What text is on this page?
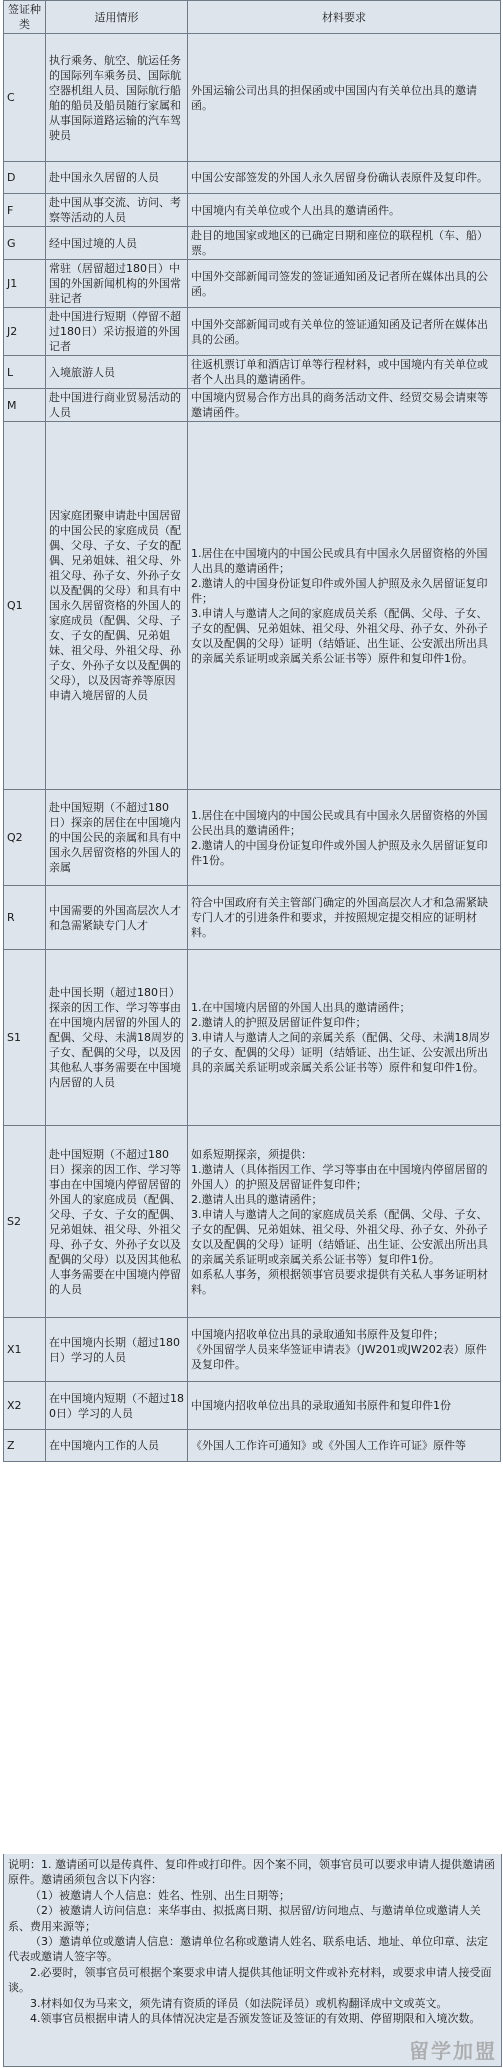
签证种类	适用情形	材料要求
C	执行乘务、航空、航运任务的国际列车乘务员、国际航空器机组人员、国际航行船舶的船员及船员随行家属和从事国际道路运输的汽车驾驶员	外国运输公司出具的担保函或中国国内有关单位出具的邀请函。

D	赴中国永久居留的人员	中国公安部签发的外国人永久居留身份确认表原件及复印件。

F	赴中国从事交流、访问、考察等活动的人员	中国境内有关单位或个人出具的邀请函件。

G	经中国过境的人员	赴目的地国家或地区的已确定日期和座位的联程机（车、船）票。

J1	常驻（居留超过180日）中国的外国新闻机构的外国常驻记者	中国外交部新闻司签发的签证通知函及记者所在媒体出具的公函。

J2	赴中国进行短期（停留不超过180日）采访报道的外国记者	中国外交部新闻司或有关单位的签证通知函及记者所在媒体出具的公函。

L	入境旅游人员	往返机票订单和酒店订单等行程材料，或中国境内有关单位或者个人出具的邀请函件。

M	赴中国进行商业贸易活动的人员	中国境内贸易合作方出具的商务活动文件、经贸交易会请柬等邀请函件。

Q1	因家庭团聚申请赴中国居留的中国公民的家庭成员（配偶、父母、子女、子女的配偶、兄弟姐妹、祖父母、外祖父母、孙子女、外孙子女以及配偶的父母）和具有中国永久居留资格的外国人的家庭成员（配偶、父母、子女、子女的配偶、兄弟姐妹、祖父母、外祖父母、孙子女、外孙子女以及配偶的父母），以及因寄养等原因申请入境居留的人员	1.居住在中国境内的中国公民或具有中国永久居留资格的外国人出具的邀请函件；
2.邀请人的中国身份证复印件或外国人护照及永久居留证复印件；
3.申请人与邀请人之间的家庭成员关系（配偶、父母、子女、子女的配偶、兄弟姐妹、祖父母、外祖父母、孙子女、外孙子女以及配偶的父母）证明（结婚证、出生证、公安派出所出具的亲属关系证明或亲属关系公证书等）原件和复印件1份。

Q2	赴中国短期（不超过180日）探亲的居住在中国境内的中国公民的亲属和具有中国永久居留资格的外国人的亲属	1.居住在中国境内的中国公民或具有中国永久居留资格的外国公民出具的邀请函件；
2.邀请人的中国身份证复印件或外国人护照及永久居留证复印件1份。

R	中国需要的外国高层次人才和急需紧缺专门人才	符合中国政府有关主管部门确定的外国高层次人才和急需紧缺专门人才的引进条件和要求，并按照规定提交相应的证明材料。

S1	赴中国长期（超过180日）探亲的因工作、学习等事由在中国境内居留的外国人的配偶、父母、未满18周岁的子女、配偶的父母，以及因其他私人事务需要在中国境内居留的人员	1.在中国境内居留的外国人出具的邀请函件；
2.邀请人的护照及居留证件复印件；
3.申请人与邀请人之间的亲属关系（配偶、父母、未满18周岁的子女、配偶的父母）证明（结婚证、出生证、公安派出所出具的亲属关系证明或亲属关系公证书等）原件和复印件1份。

S2	赴中国短期（不超过180日）探亲的因工作、学习等事由在中国境内停留居留的外国人的家庭成员（配偶、父母、子女、子女的配偶、兄弟姐妹、祖父母、外祖父母、孙子女、外孙子女以及配偶的父母）以及因其他私人事务需要在中国境内停留的人员	如系短期探亲，须提供：
1.邀请人（具体指因工作、学习等事由在中国境内停留居留的外国人）的护照及居留证件复印件；
2.邀请人出具的邀请函件；
3.申请人与邀请人之间的家庭成员关系（配偶、父母、子女、子女的配偶、兄弟姐妹、祖父母、外祖父母、孙子女、外孙子女以及配偶的父母）证明（结婚证、出生证、公安派出所出具的亲属关系证明或亲属关系公证书等）复印件1份。
如系私人事务，须根据领事官员要求提供有关私人事务证明材料。

X1	在中国境内长期（超过180日）学习的人员	中国境内招收单位出具的录取通知书原件及复印件；
《外国留学人员来华签证申请表》（JW201或JW202表）原件及复印件。

X2	在中国境内短期（不超过180日）学习的人员	中国境内招收单位出具的录取通知书原件和复印件1份

Z	在中国境内工作的人员	《外国人工作许可通知》或《外国人工作许可证》原件等

说明：1. 邀请函可以是传真件、复印件或打印件。因个案不同，领事官员可以要求申请人提供邀请函原件。邀请函须包含以下内容：

（1）被邀请人个人信息：姓名、性别、出生日期等；

（2）被邀请人访问信息：来华事由、拟抵离日期、拟居留/访问地点、与邀请单位或邀请人关系、费用来源等；

（3）邀请单位或邀请人信息：邀请单位名称或邀请人姓名、联系电话、地址、单位印章、法定代表或邀请人签字等。

2.必要时，领事官员可根据个案要求申请人提供其他证明文件或补充材料，或要求申请人接受面谈。

3.材料如仅为马来文，须先请有资质的译员（如法院译员）或机构翻译成中文或英文。

4.领事官员根据申请人的具体情况决定是否颁发签证及签证的有效期、停留期限和入境次数。

留学加盟
